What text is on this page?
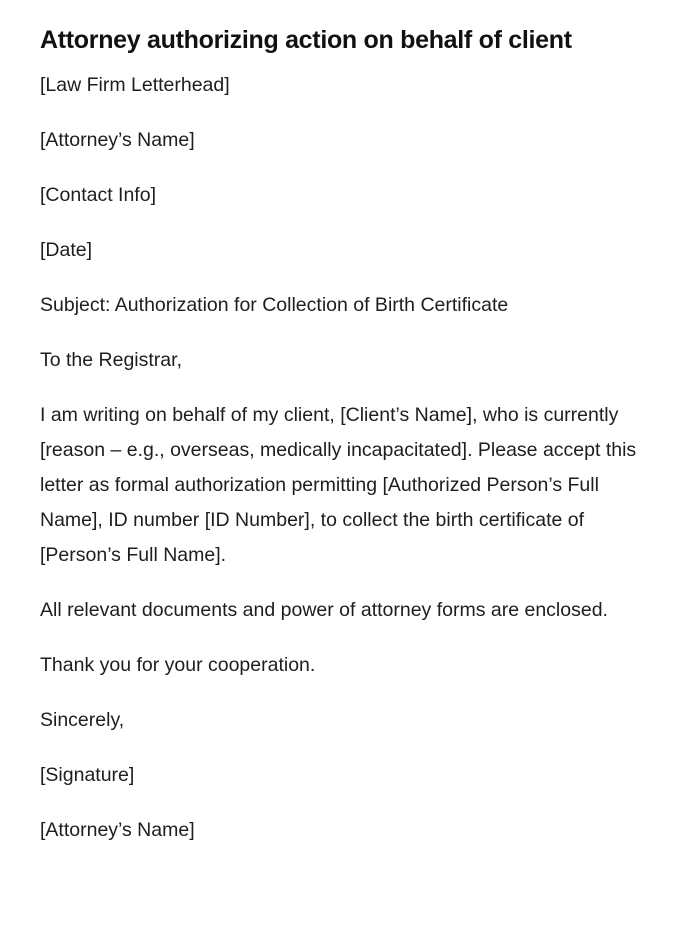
Attorney authorizing action on behalf of client

[Law Firm Letterhead]

[Attorney’s Name]

[Contact Info]

[Date]

Subject: Authorization for Collection of Birth Certificate

To the Registrar,

I am writing on behalf of my client, [Client’s Name], who is currently [reason – e.g., overseas, medically incapacitated]. Please accept this letter as formal authorization permitting [Authorized Person’s Full Name], ID number [ID Number], to collect the birth certificate of [Person’s Full Name].

All relevant documents and power of attorney forms are enclosed.

Thank you for your cooperation.

Sincerely,

[Signature]

[Attorney’s Name]
